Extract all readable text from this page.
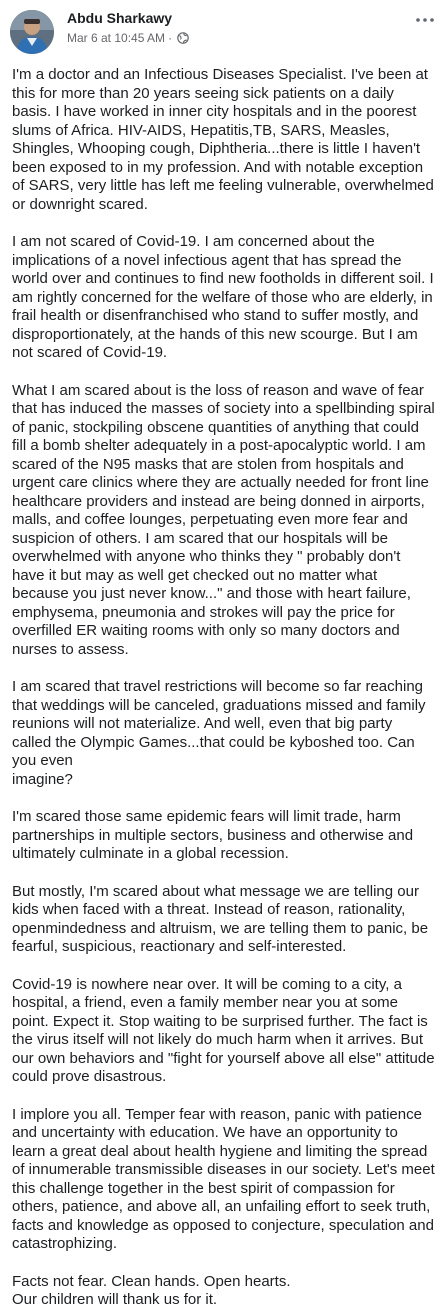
Abdu Sharkawy
Mar 6 at 10:45 AM ·

I'm a doctor and an Infectious Diseases Specialist. I've been at this for more than 20 years seeing sick patients on a daily basis. I have worked in inner city hospitals and in the poorest slums of Africa. HIV-AIDS, Hepatitis,TB, SARS, Measles, Shingles, Whooping cough, Diphtheria...there is little I haven't been exposed to in my profession. And with notable exception of SARS, very little has left me feeling vulnerable, overwhelmed or downright scared.

I am not scared of Covid-19. I am concerned about the implications of a novel infectious agent that has spread the world over and continues to find new footholds in different soil. I am rightly concerned for the welfare of those who are elderly, in frail health or disenfranchised who stand to suffer mostly, and disproportionately, at the hands of this new scourge. But I am not scared of Covid-19.

What I am scared about is the loss of reason and wave of fear that has induced the masses of society into a spellbinding spiral of panic, stockpiling obscene quantities of anything that could fill a bomb shelter adequately in a post-apocalyptic world. I am scared of the N95 masks that are stolen from hospitals and urgent care clinics where they are actually needed for front line healthcare providers and instead are being donned in airports, malls, and coffee lounges, perpetuating even more fear and suspicion of others. I am scared that our hospitals will be overwhelmed with anyone who thinks they " probably don't have it but may as well get checked out no matter what because you just never know..." and those with heart failure, emphysema, pneumonia and strokes will pay the price for overfilled ER waiting rooms with only so many doctors and nurses to assess.

I am scared that travel restrictions will become so far reaching that weddings will be canceled, graduations missed and family reunions will not materialize. And well, even that big party called the Olympic Games...that could be kyboshed too. Can you even
imagine?

I'm scared those same epidemic fears will limit trade, harm partnerships in multiple sectors, business and otherwise and ultimately culminate in a global recession.

But mostly, I'm scared about what message we are telling our kids when faced with a threat. Instead of reason, rationality, openmindedness and altruism, we are telling them to panic, be fearful, suspicious, reactionary and self-interested.

Covid-19 is nowhere near over. It will be coming to a city, a hospital, a friend, even a family member near you at some point. Expect it. Stop waiting to be surprised further. The fact is the virus itself will not likely do much harm when it arrives. But our own behaviors and "fight for yourself above all else" attitude could prove disastrous.

I implore you all. Temper fear with reason, panic with patience and uncertainty with education. We have an opportunity to learn a great deal about health hygiene and limiting the spread of innumerable transmissible diseases in our society. Let's meet this challenge together in the best spirit of compassion for others, patience, and above all, an unfailing effort to seek truth, facts and knowledge as opposed to conjecture, speculation and catastrophizing.

Facts not fear. Clean hands. Open hearts.
Our children will thank us for it.
